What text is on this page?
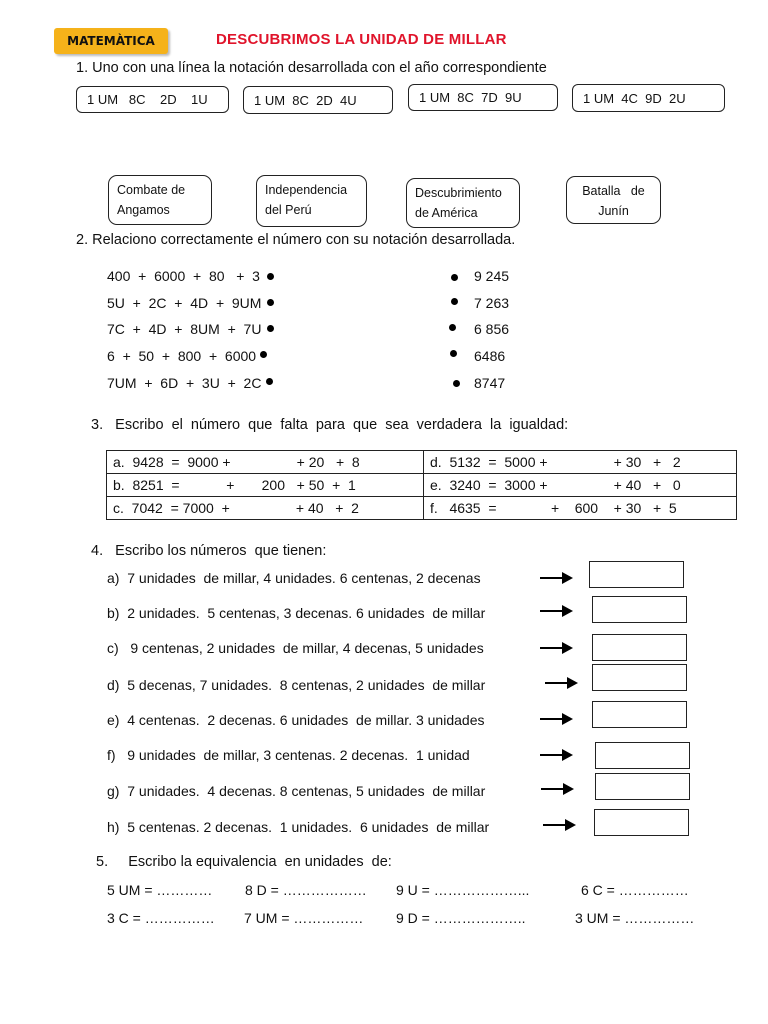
MATEMÀTICA	DESCUBRIMOS LA UNIDAD DE MILLAR
1. Uno con una línea la notación desarrollada con el año correspondiente
1 UM   8C    2D    1U	1 UM  8C  2D  4U	1 UM  8C  7D  9U	1 UM  4C  9D  2U
Combate de
Angamos
Independencia
del Perú
Descubrimiento
de América
Batalla   de
Junín
2. Relaciono correctamente el número con su notación desarrollada.
400  +  6000  +  80   +  3
5U  +  2C  +  4D  +  9UM
7C  +  4D  +  8UM  +  7U
6  +  50  +  800  +  6000
7UM  +  6D  +  3U  +  2C
9 245
7 263
6 856
6486
8747
3.   Escribo  el  número  que  falta  para  que  sea  verdadera  la  igualdad:
a.  9428  =  9000 +                 + 20   +  8	d.  5132  =  5000 +                 + 30   +   2
b.  8251  =            +       200   + 50  +  1	e.  3240  =  3000 +                 + 40   +   0
c.  7042  = 7000  +                 + 40   +  2	f.   4635  =              +    600    + 30   +  5
4.   Escribo los números  que tienen:
a)  7 unidades  de millar, 4 unidades. 6 centenas, 2 decenas
b)  2 unidades.  5 centenas, 3 decenas. 6 unidades  de millar
c)   9 centenas, 2 unidades  de millar, 4 decenas, 5 unidades
d)  5 decenas, 7 unidades.  8 centenas, 2 unidades  de millar
e)  4 centenas.  2 decenas. 6 unidades  de millar. 3 unidades
f)   9 unidades  de millar, 3 centenas. 2 decenas.  1 unidad
g)  7 unidades.  4 decenas. 8 centenas, 5 unidades  de millar
h)  5 centenas. 2 decenas.  1 unidades.  6 unidades  de millar
5.     Escribo la equivalencia  en unidades  de:
5 UM = ………… 8 D = ……………… 9 U = ………………...	6 C = ……………
3 C = …………… 7 UM = …………… 9 D = ………………..	3 UM = ……………
